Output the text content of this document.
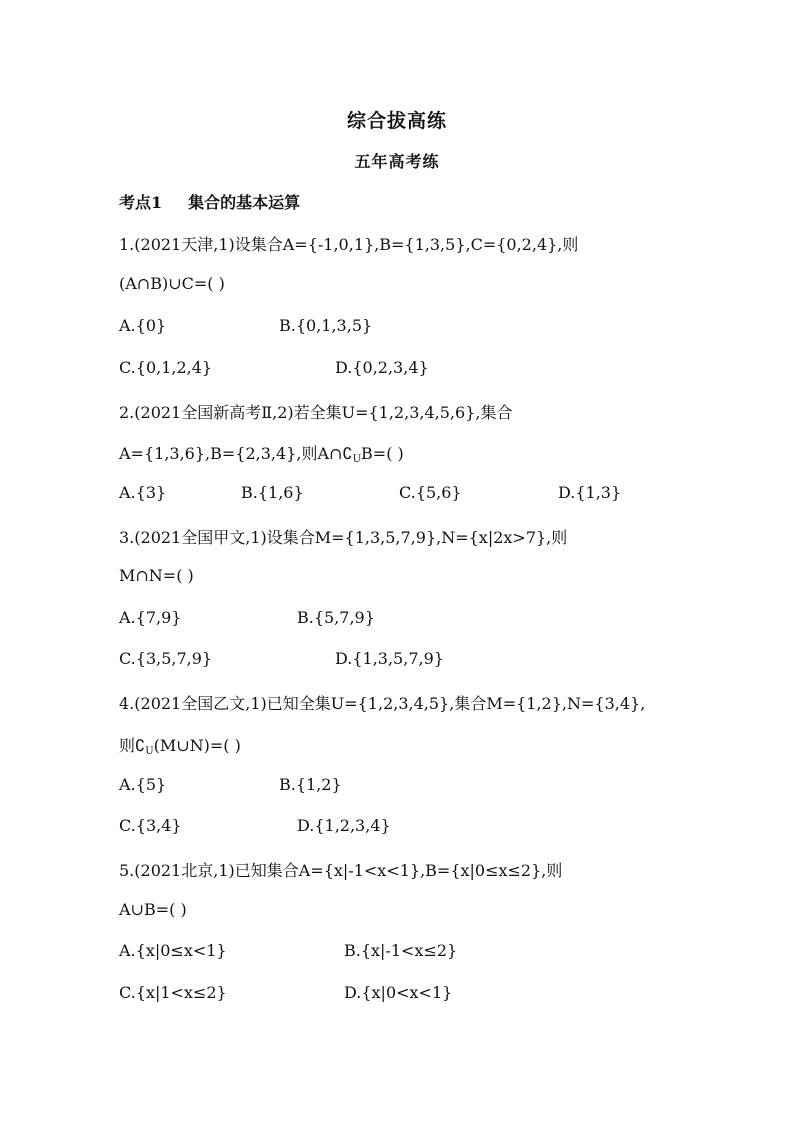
综合拔高练
五年高考练
考点1 集合的基本运算
1.(2021天津,1)设集合A={-1,0,1},B={1,3,5},C={0,2,4},则
(A∩B)∪C=( )
A.{0}	B.{0,1,3,5}
C.{0,1,2,4}	D.{0,2,3,4}
2.(2021全国新高考Ⅱ,2)若全集U={1,2,3,4,5,6},集合
A={1,3,6},B={2,3,4},则$A\cap∁_UB=$( )
A.{3}	B.{1,6}	C.{5,6}	D.{1,3}
3.(2021全国甲文,1)设集合M={1,3,5,7,9},N={x|2x>7},则
M∩N=( )
A.{7,9}	B.{5,7,9}
C.{3,5,7,9}	D.{1,3,5,7,9}
4.(2021全国乙文,1)已知全集U={1,2,3,4,5},集合M={1,2},N={3,4},
则$∁_U(M\cup N)=$( )
A.{5}	B.{1,2}
C.{3,4}	D.{1,2,3,4}
5.(2021北京,1)已知集合A={x|-1<x<1},B={x|0≤x≤2},则
A∪B=( )
A.{x|0≤x<1}	B.{x|-1<x≤2}
C.{x|1<x≤2}	D.{x|0<x<1}
